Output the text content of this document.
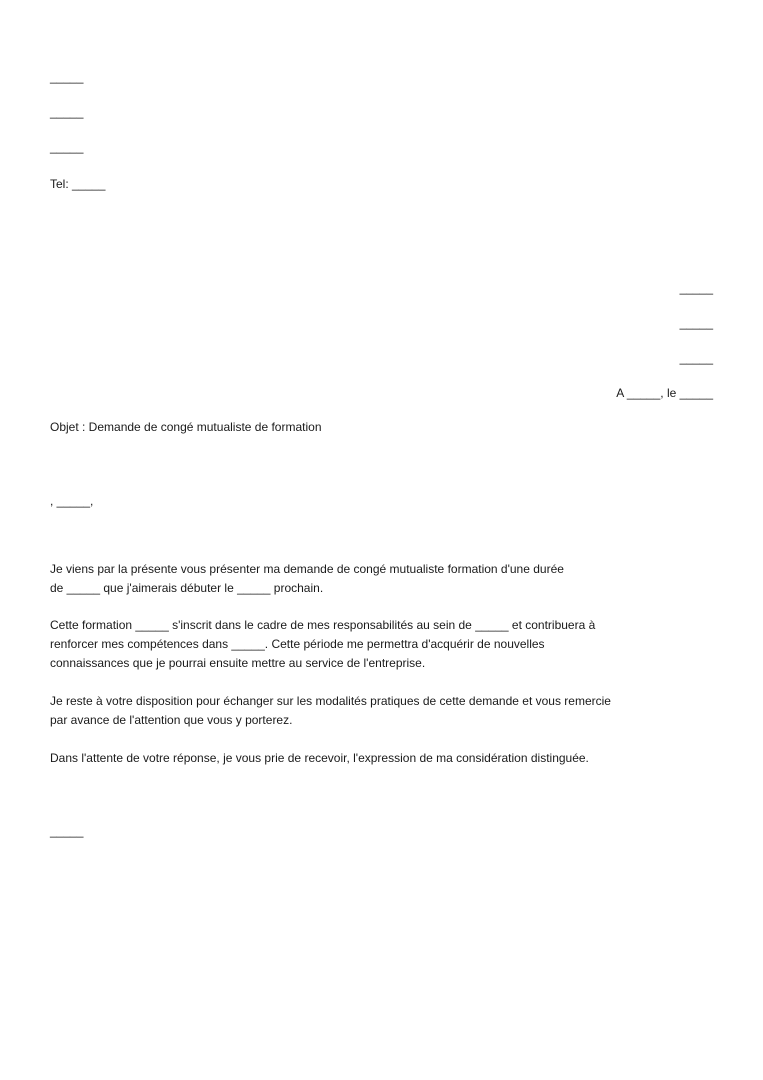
_____
_____
_____
Tel: _____
_____
_____
_____
A _____, le _____
Objet : Demande de congé mutualiste de formation
, _____,
Je viens par la présente vous présenter ma demande de congé mutualiste formation d'une durée
de _____ que j'aimerais débuter le _____ prochain.
Cette formation _____ s'inscrit dans le cadre de mes responsabilités au sein de _____ et contribuera à
renforcer mes compétences dans _____. Cette période me permettra d'acquérir de nouvelles
connaissances que je pourrai ensuite mettre au service de l'entreprise.
Je reste à votre disposition pour échanger sur les modalités pratiques de cette demande et vous remercie
par avance de l'attention que vous y porterez.
Dans l'attente de votre réponse, je vous prie de recevoir, l'expression de ma considération distinguée.
_____
